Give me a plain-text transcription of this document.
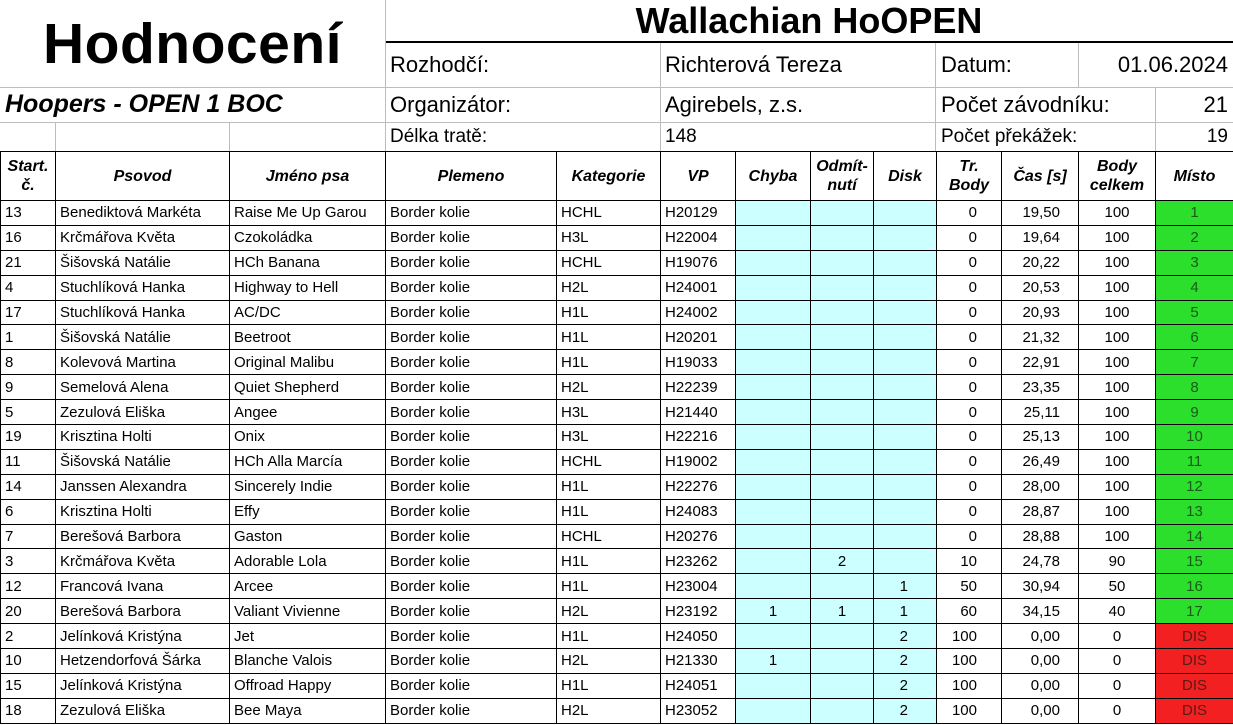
Hodnocení
Hoopers - OPEN 1 BOC
Wallachian HoOPEN
Rozhodčí:	Richterová Tereza	Datum:	01.06.2024
Organizátor:	Agirebels, z.s.	Počet závodníku:	21
Délka tratě:	148	Počet překážek:	19
Start. č.	Psovod	Jméno psa	Plemeno	Kategorie	VP	Chyba	Odmít-nutí	Disk	Tr. Body	Čas [s]	Body celkem	Místo
13	Benediktová Markéta	Raise Me Up Garou	Border kolie	HCHL	H20129				0	19,50	100	1
16	Krčmářova Květa	Czokoládka	Border kolie	H3L	H22004				0	19,64	100	2
21	Šišovská Natálie	HCh Banana	Border kolie	HCHL	H19076				0	20,22	100	3
4	Stuchlíková Hanka	Highway to Hell	Border kolie	H2L	H24001				0	20,53	100	4
17	Stuchlíková Hanka	AC/DC	Border kolie	H1L	H24002				0	20,93	100	5
1	Šišovská Natálie	Beetroot	Border kolie	H1L	H20201				0	21,32	100	6
8	Kolevová Martina	Original Malibu	Border kolie	H1L	H19033				0	22,91	100	7
9	Semelová Alena	Quiet Shepherd	Border kolie	H2L	H22239				0	23,35	100	8
5	Zezulová Eliška	Angee	Border kolie	H3L	H21440				0	25,11	100	9
19	Krisztina Holti	Onix	Border kolie	H3L	H22216				0	25,13	100	10
11	Šišovská Natálie	HCh Alla Marcía	Border kolie	HCHL	H19002				0	26,49	100	11
14	Janssen Alexandra	Sincerely Indie	Border kolie	H1L	H22276				0	28,00	100	12
6	Krisztina Holti	Effy	Border kolie	H1L	H24083				0	28,87	100	13
7	Berešová Barbora	Gaston	Border kolie	HCHL	H20276				0	28,88	100	14
3	Krčmářova Květa	Adorable Lola	Border kolie	H1L	H23262		2		10	24,78	90	15
12	Francová Ivana	Arcee	Border kolie	H1L	H23004			1	50	30,94	50	16
20	Berešová Barbora	Valiant Vivienne	Border kolie	H2L	H23192	1	1	1	60	34,15	40	17
2	Jelínková Kristýna	Jet	Border kolie	H1L	H24050			2	100	0,00	0	DIS
10	Hetzendorfová Šárka	Blanche Valois	Border kolie	H2L	H21330	1		2	100	0,00	0	DIS
15	Jelínková Kristýna	Offroad Happy	Border kolie	H1L	H24051			2	100	0,00	0	DIS
18	Zezulová Eliška	Bee Maya	Border kolie	H2L	H23052			2	100	0,00	0	DIS
